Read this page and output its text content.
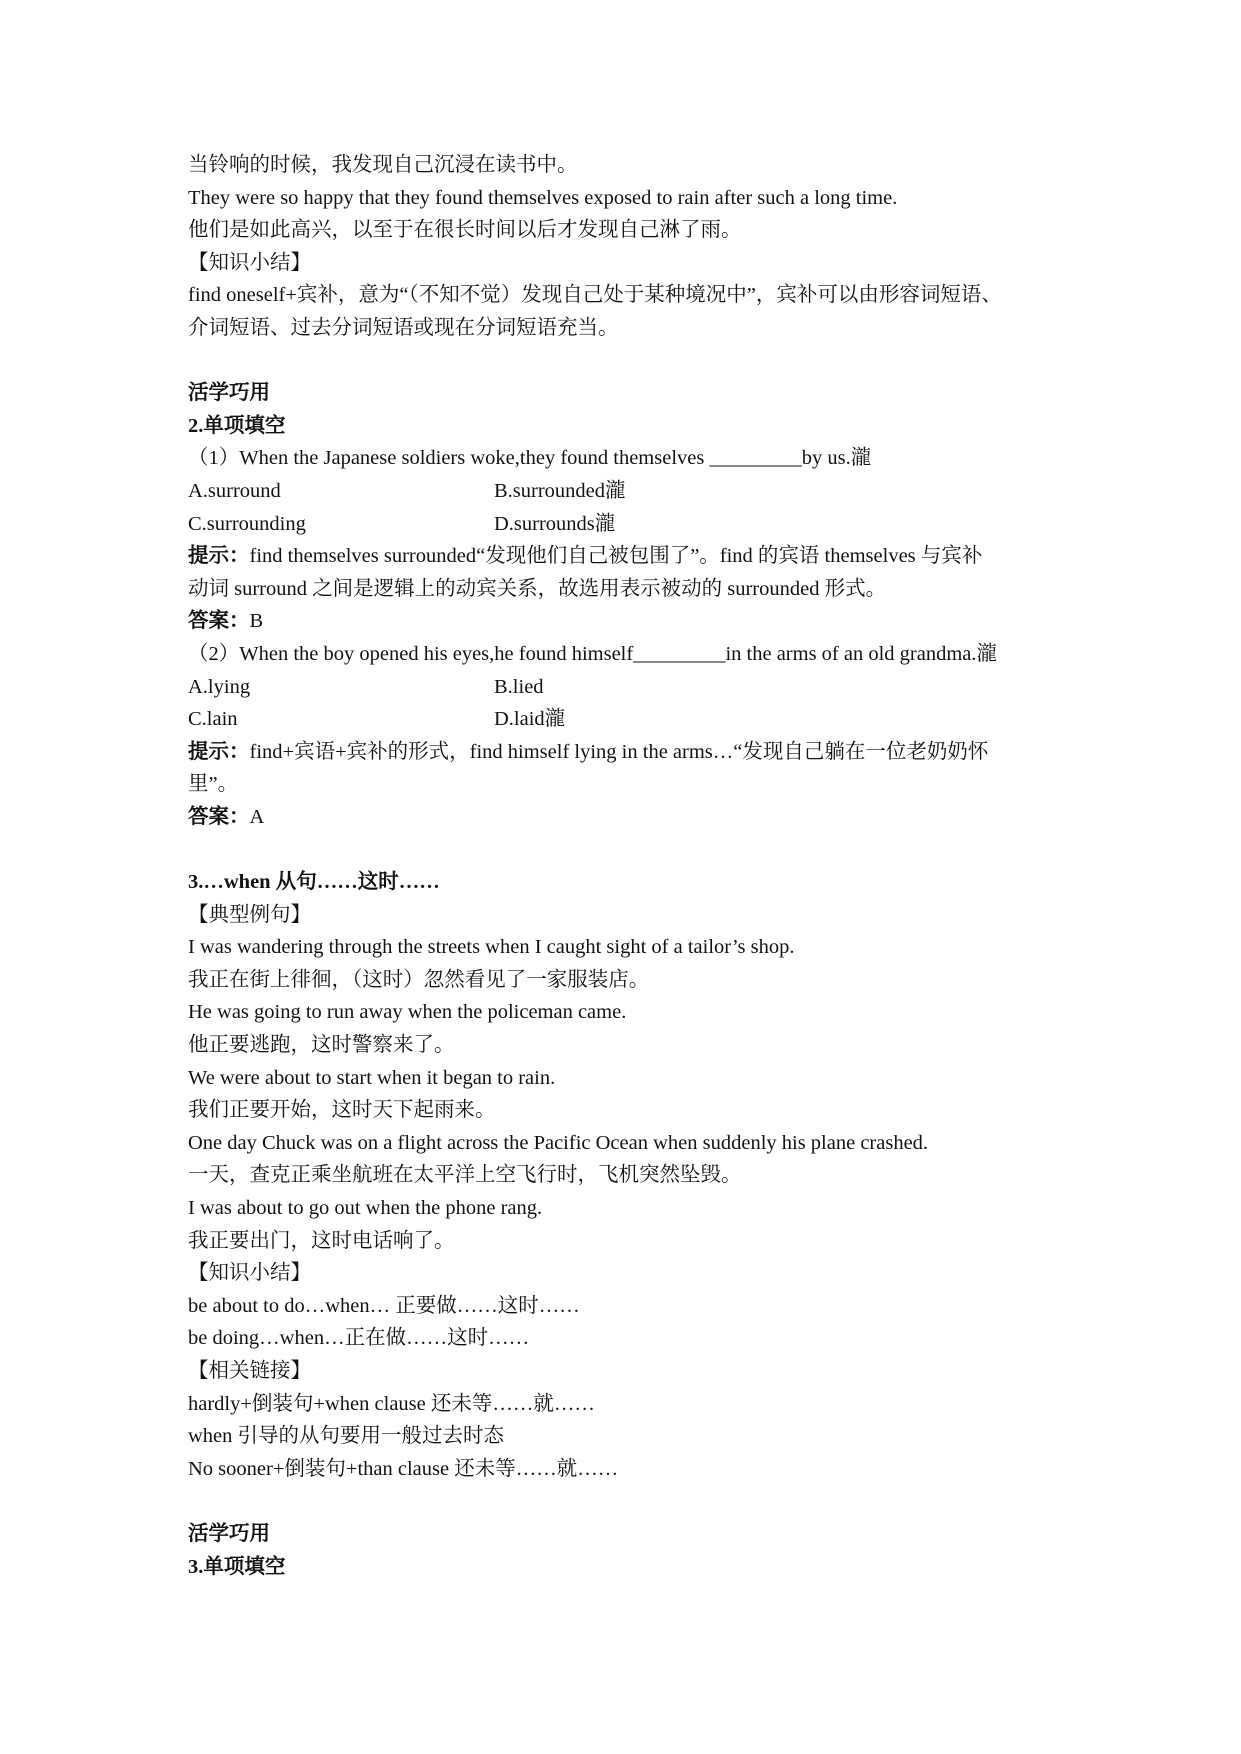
当铃响的时候，我发现自己沉浸在读书中。
They were so happy that they found themselves exposed to rain after such a long time.
他们是如此高兴，以至于在很长时间以后才发现自己淋了雨。
【知识小结】
find oneself+宾补，意为“（不知不觉）发现自己处于某种境况中”，宾补可以由形容词短语、
介词短语、过去分词短语或现在分词短语充当。
活学巧用
2.单项填空
（1）When the Japanese soldiers woke,they found themselves _________by us.瀧
A.surround	B.surrounded瀧
C.surrounding	D.surrounds瀧
提示：find themselves surrounded“发现他们自己被包围了”。find 的宾语 themselves 与宾补
动词 surround 之间是逻辑上的动宾关系，故选用表示被动的 surrounded 形式。
答案：B
（2）When the boy opened his eyes,he found himself_________in the arms of an old grandma.瀧
A.lying	B.lied
C.lain	D.laid瀧
提示：find+宾语+宾补的形式，find himself lying in the arms…“发现自己躺在一位老奶奶怀
里”。
答案：A
3.…when 从句……这时……
【典型例句】
I was wandering through the streets when I caught sight of a tailor’s shop.
我正在街上徘徊，（这时）忽然看见了一家服装店。
He was going to run away when the policeman came.
他正要逃跑，这时警察来了。
We were about to start when it began to rain.
我们正要开始，这时天下起雨来。
One day Chuck was on a flight across the Pacific Ocean when suddenly his plane crashed.
一天，查克正乘坐航班在太平洋上空飞行时，飞机突然坠毁。
I was about to go out when the phone rang.
我正要出门，这时电话响了。
【知识小结】
be about to do…when… 正要做……这时……
be doing…when…正在做……这时……
【相关链接】
hardly+倒装句+when clause 还未等……就……
when 引导的从句要用一般过去时态
No sooner+倒装句+than clause 还未等……就……
活学巧用
3.单项填空
